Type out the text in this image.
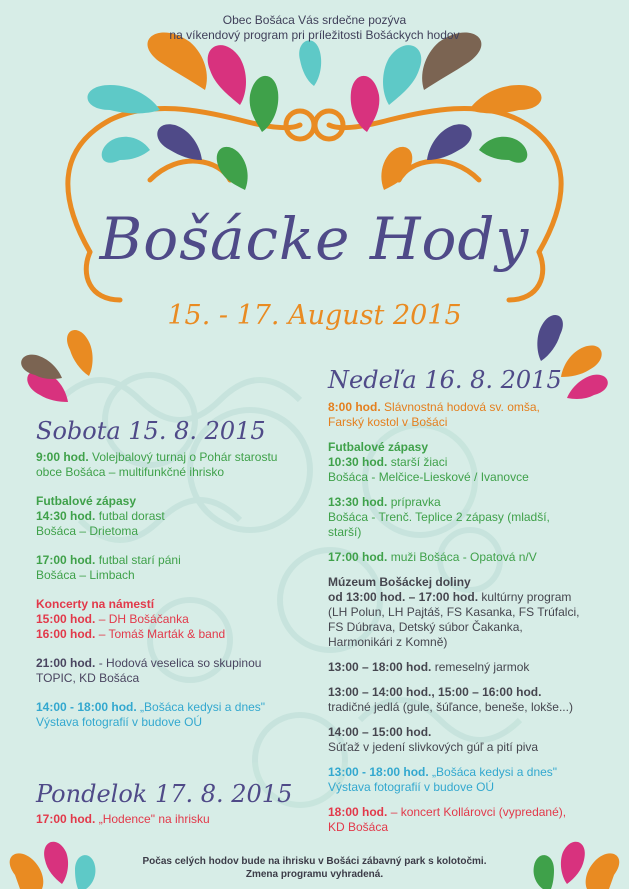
Obec Bošáca Vás srdečne pozýva
na víkendový program pri príležitosti Bošáckych hodov
Bošácke Hody
15. - 17. August 2015
Sobota 15. 8. 2015
9:00 hod. Volejbalový turnaj o Pohár starostu
obce Bošáca – multifunkčné ihrisko
Futbalové zápasy
14:30 hod. futbal dorast
Bošáca – Drietoma
17:00 hod. futbal starí páni
Bošáca – Limbach
Koncerty na námestí
15:00 hod. – DH Bošáčanka
16:00 hod. – Tomáš Marták & band
21:00 hod. - Hodová veselica so skupinou
TOPIC, KD Bošáca
14:00 - 18:00 hod. „Bošáca kedysi a dnes"
Výstava fotografií v budove OÚ
Pondelok 17. 8. 2015
17:00 hod. „Hodence" na ihrisku
Nedeľa 16. 8. 2015
8:00 hod. Slávnostná hodová sv. omša,
Farský kostol v Bošáci
Futbalové zápasy
10:30 hod. starší žiaci
Bošáca - Melčice-Lieskové / Ivanovce
13:30 hod. prípravka
Bošáca - Trenč. Teplice 2 zápasy (mladší,
starší)
17:00 hod. muži Bošáca - Opatová n/V
Múzeum Bošáckej doliny
od 13:00 hod. – 17:00 hod. kultúrny program
(LH Polun, LH Pajtáš, FS Kasanka, FS Trúfalci,
FS Dúbrava, Detský súbor Čakanka,
Harmonikári z Komně)
13:00 – 18:00 hod. remeselný jarmok
13:00 – 14:00 hod., 15:00 – 16:00 hod.
tradičné jedlá (gule, šúľance, beneše, lokše...)
14:00 – 15:00 hod.
Súťaž v jedení slivkových gúľ a pití piva
13:00 - 18:00 hod. „Bošáca kedysi a dnes"
Výstava fotografií v budove OÚ
18:00 hod. – koncert Kollárovci (vypredané),
KD Bošáca
Počas celých hodov bude na ihrisku v Bošáci zábavný park s kolotočmi.
Zmena programu vyhradená.
